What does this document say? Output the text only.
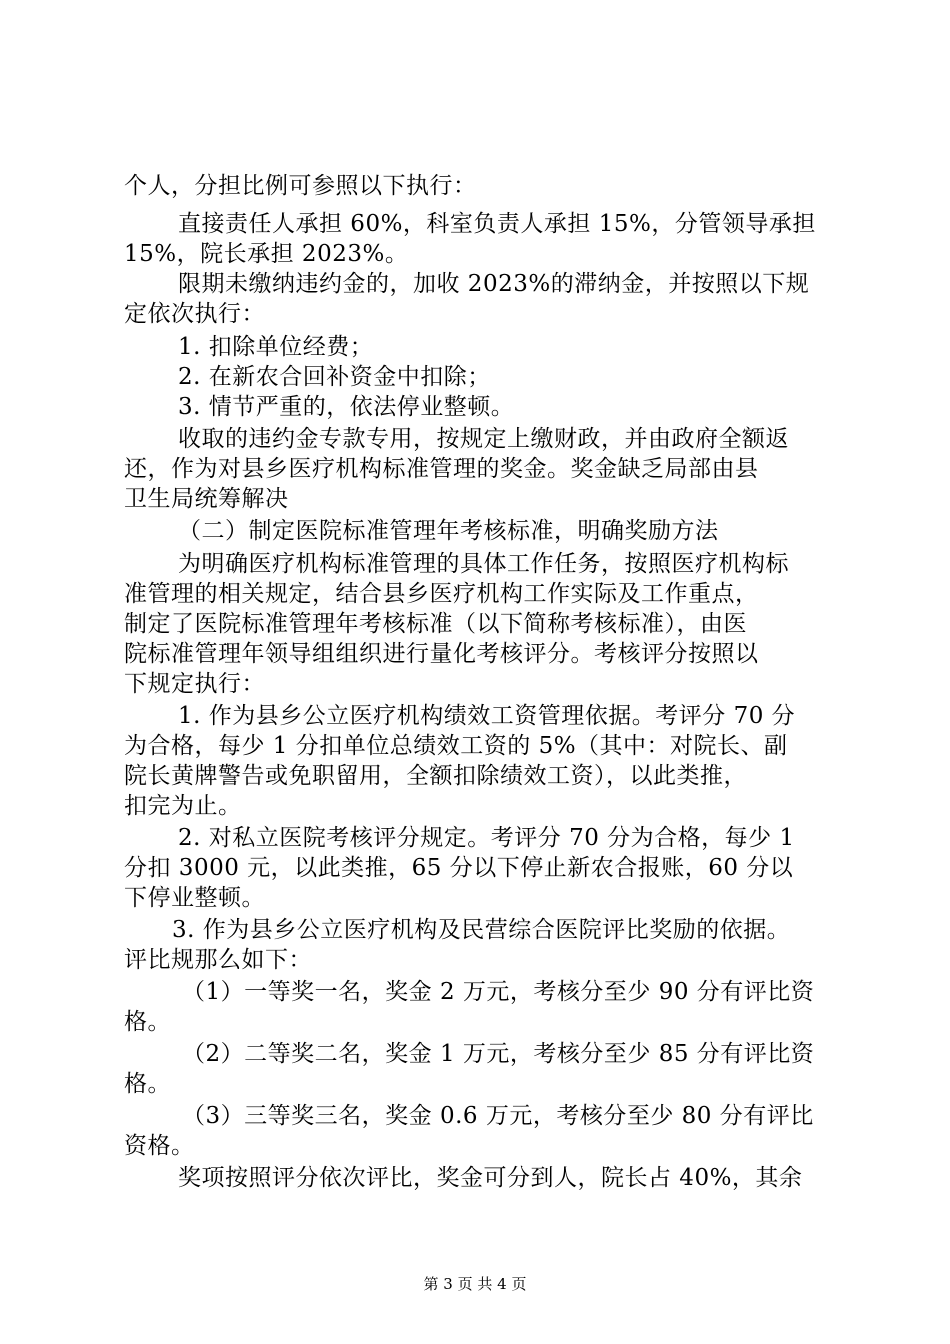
个人，分担比例可参照以下执行：
直接责任人承担 60%，科室负责人承担 15%，分管领导承担
15%，院长承担 2023%。
限期未缴纳违约金的，加收 2023%的滞纳金，并按照以下规
定依次执行：
1. 扣除单位经费；
2. 在新农合回补资金中扣除；
3. 情节严重的，依法停业整顿。
收取的违约金专款专用，按规定上缴财政，并由政府全额返
还，作为对县乡医疗机构标准管理的奖金。奖金缺乏局部由县
卫生局统筹解决
（二）制定医院标准管理年考核标准，明确奖励方法
为明确医疗机构标准管理的具体工作任务，按照医疗机构标
准管理的相关规定，结合县乡医疗机构工作实际及工作重点，
制定了医院标准管理年考核标准（以下简称考核标准），由医
院标准管理年领导组组织进行量化考核评分。考核评分按照以
下规定执行：
1. 作为县乡公立医疗机构绩效工资管理依据。考评分 70 分
为合格，每少 1 分扣单位总绩效工资的 5%（其中：对院长、副
院长黄牌警告或免职留用，全额扣除绩效工资），以此类推，
扣完为止。
2. 对私立医院考核评分规定。考评分 70 分为合格，每少 1
分扣 3000 元，以此类推，65 分以下停止新农合报账，60 分以
下停业整顿。
3. 作为县乡公立医疗机构及民营综合医院评比奖励的依据。
评比规那么如下：
（1）一等奖一名，奖金 2 万元，考核分至少 90 分有评比资
格。
（2）二等奖二名，奖金 1 万元，考核分至少 85 分有评比资
格。
（3）三等奖三名，奖金 0.6 万元，考核分至少 80 分有评比
资格。
奖项按照评分依次评比，奖金可分到人，院长占 40%，其余
第 3 页 共 4 页
